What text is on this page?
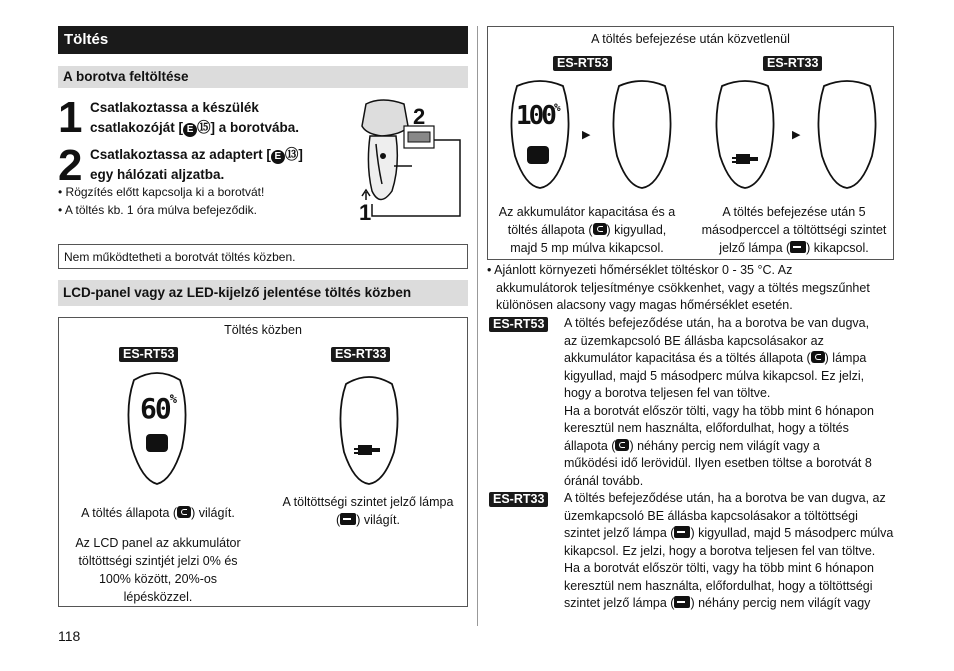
Töltés
A borotva feltöltése
1 Csatlakoztassa a készülék
csatlakozóját [ E ⑮] a borotvába.
2 Csatlakoztassa az adaptert [ E ⑬]
egy hálózati aljzatba.
• Rögzítés előtt kapcsolja ki a borotvát!
• A töltés kb. 1 óra múlva befejeződik.
2
1
Nem működtetheti a borotvát töltés közben.
LCD-panel vagy az LED-kijelző jelentése töltés közben
Töltés közben
ES-RT53	ES-RT33
60%
A töltés állapota ( ) világít.
Az LCD panel az akkumulátor
töltöttségi szintjét jelzi 0% és
100% között, 20%-os
lépésközzel.
A töltöttségi szintet jelző lámpa
( ) világít.
118
A töltés befejezése után közvetlenül
ES-RT53	ES-RT33
100%
▶	▶
Az akkumulátor kapacitása és a
töltés állapota ( ) kigyullad,
majd 5 mp múlva kikapcsol.
A töltés befejezése után 5
másodperccel a töltöttségi szintet
jelző lámpa ( ) kikapcsol.
• Ajánlott környezeti hőmérséklet töltéskor 0 - 35 °C. Az
akkumulátorok teljesítménye csökkenhet, vagy a töltés megszűnhet
különösen alacsony vagy magas hőmérséklet esetén.
ES-RT53	A töltés befejeződése után, ha a borotva be van dugva,
az üzemkapcsoló BE állásba kapcsolásakor az
akkumulátor kapacitása és a töltés állapota ( ) lámpa
kigyullad, majd 5 másodperc múlva kikapcsol. Ez jelzi,
hogy a borotva teljesen fel van töltve.
Ha a borotvát először tölti, vagy ha több mint 6 hónapon
keresztül nem használta, előfordulhat, hogy a töltés
állapota ( ) néhány percig nem világít vagy a
működési idő lerövidül. Ilyen esetben töltse a borotvát 8
óránál tovább.
ES-RT33	A töltés befejeződése után, ha a borotva be van dugva, az
üzemkapcsoló BE állásba kapcsolásakor a töltöttségi
szintet jelző lámpa ( ) kigyullad, majd 5 másodperc múlva
kikapcsol. Ez jelzi, hogy a borotva teljesen fel van töltve.
Ha a borotvát először tölti, vagy ha több mint 6 hónapon
keresztül nem használta, előfordulhat, hogy a töltöttségi
szintet jelző lámpa ( ) néhány percig nem világít vagy
